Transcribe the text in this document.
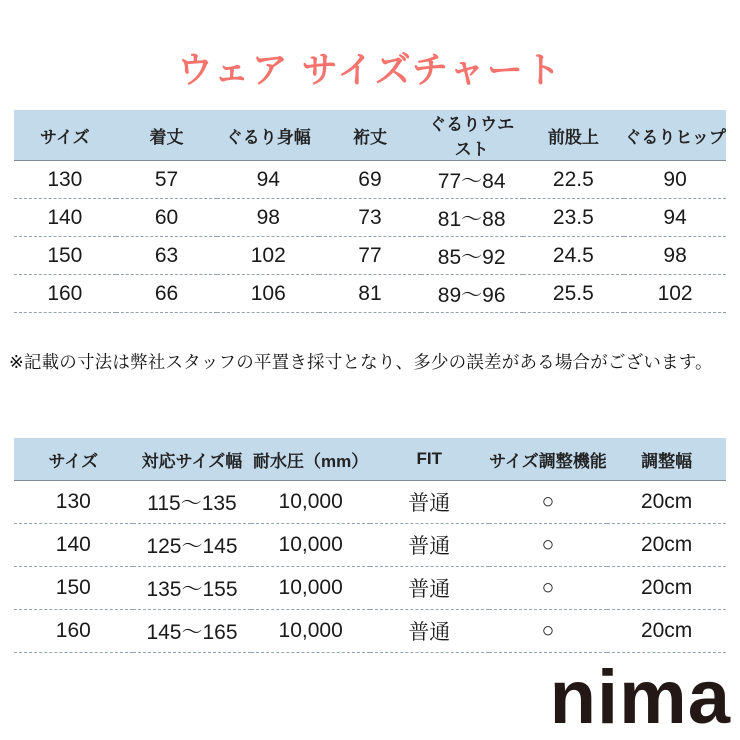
ウェア サイズチャート
サイズ	着丈	ぐるり身幅	裄丈	ぐるりウエスト	前股上	ぐるりヒップ
130	57	94	69	77〜84	22.5	90
140	60	98	73	81〜88	23.5	94
150	63	102	77	85〜92	24.5	98
160	66	106	81	89〜96	25.5	102

※記載の寸法は弊社スタッフの平置き採寸となり、多少の誤差がある場合がございます。

サイズ	対応サイズ幅	耐水圧（mm）	FIT	サイズ調整機能	調整幅
130	115〜135	10,000	普通	○	20cm
140	125〜145	10,000	普通	○	20cm
150	135〜155	10,000	普通	○	20cm
160	145〜165	10,000	普通	○	20cm
nima
